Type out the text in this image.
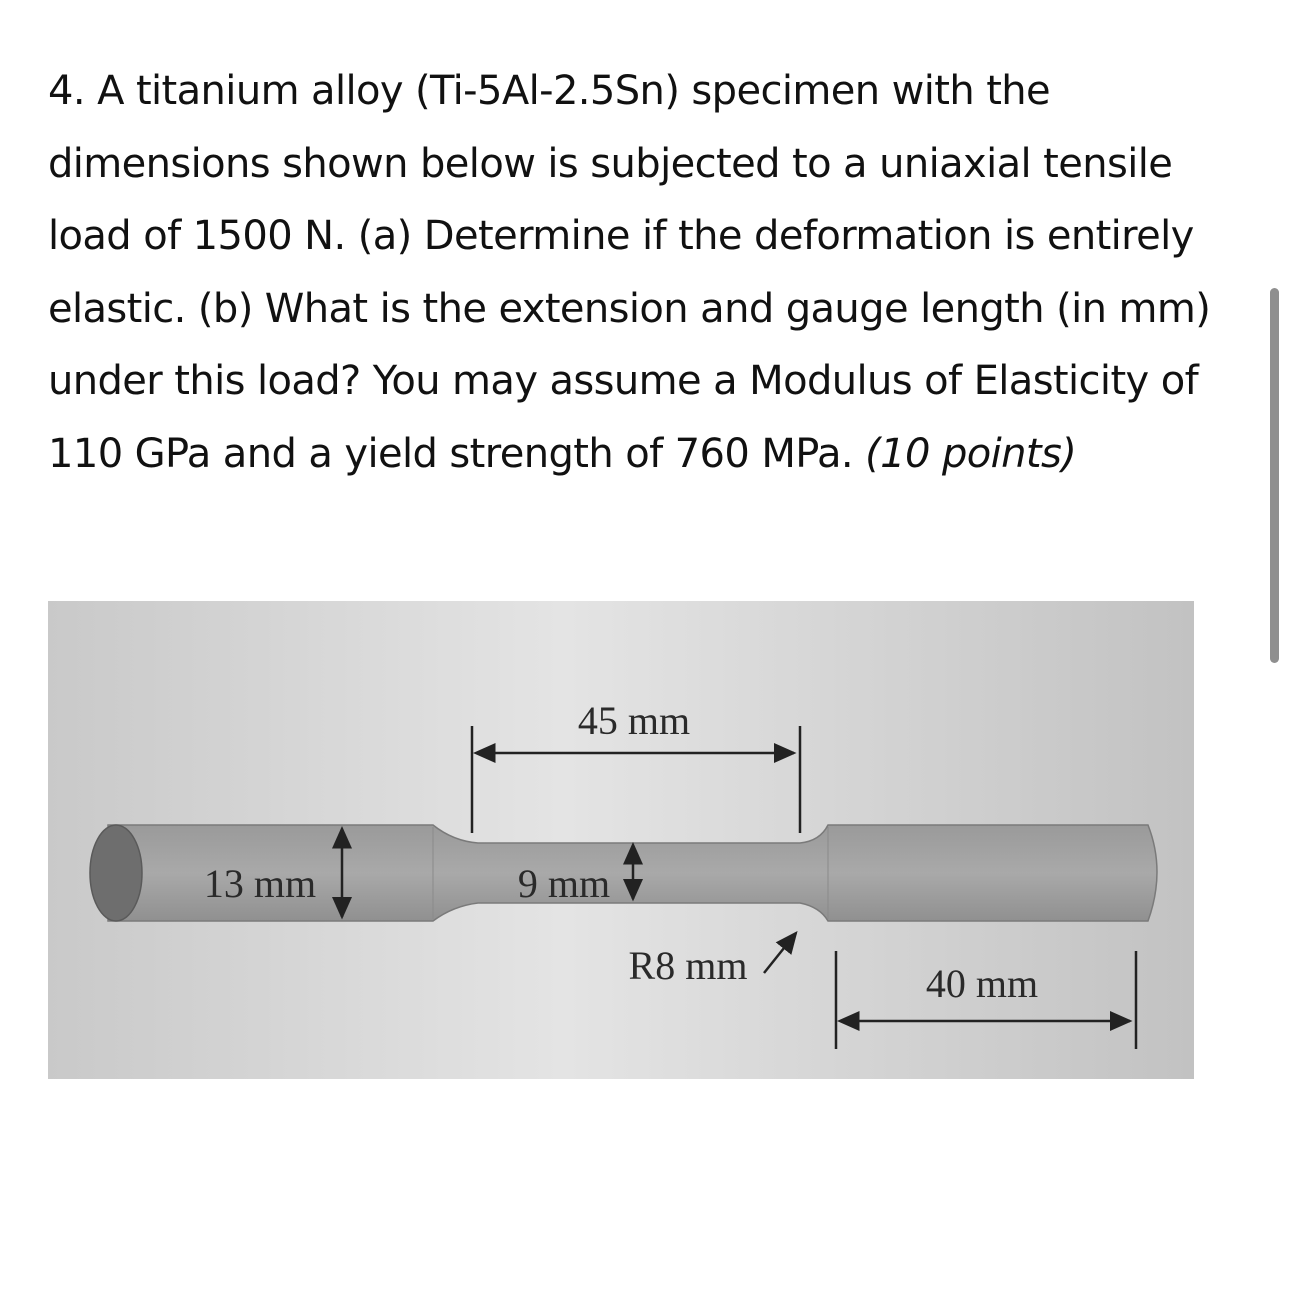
4. A titanium alloy (Ti-5Al-2.5Sn) specimen with the dimensions shown below is subjected to a uniaxial tensile load of 1500 N. (a) Determine if the deformation is entirely elastic. (b) What is the extension and gauge length (in mm) under this load? You may assume a Modulus of Elasticity of 110 GPa and a yield strength of 760 MPa. (10 points)

45 mm
13 mm	9 mm
R8 mm	40 mm
